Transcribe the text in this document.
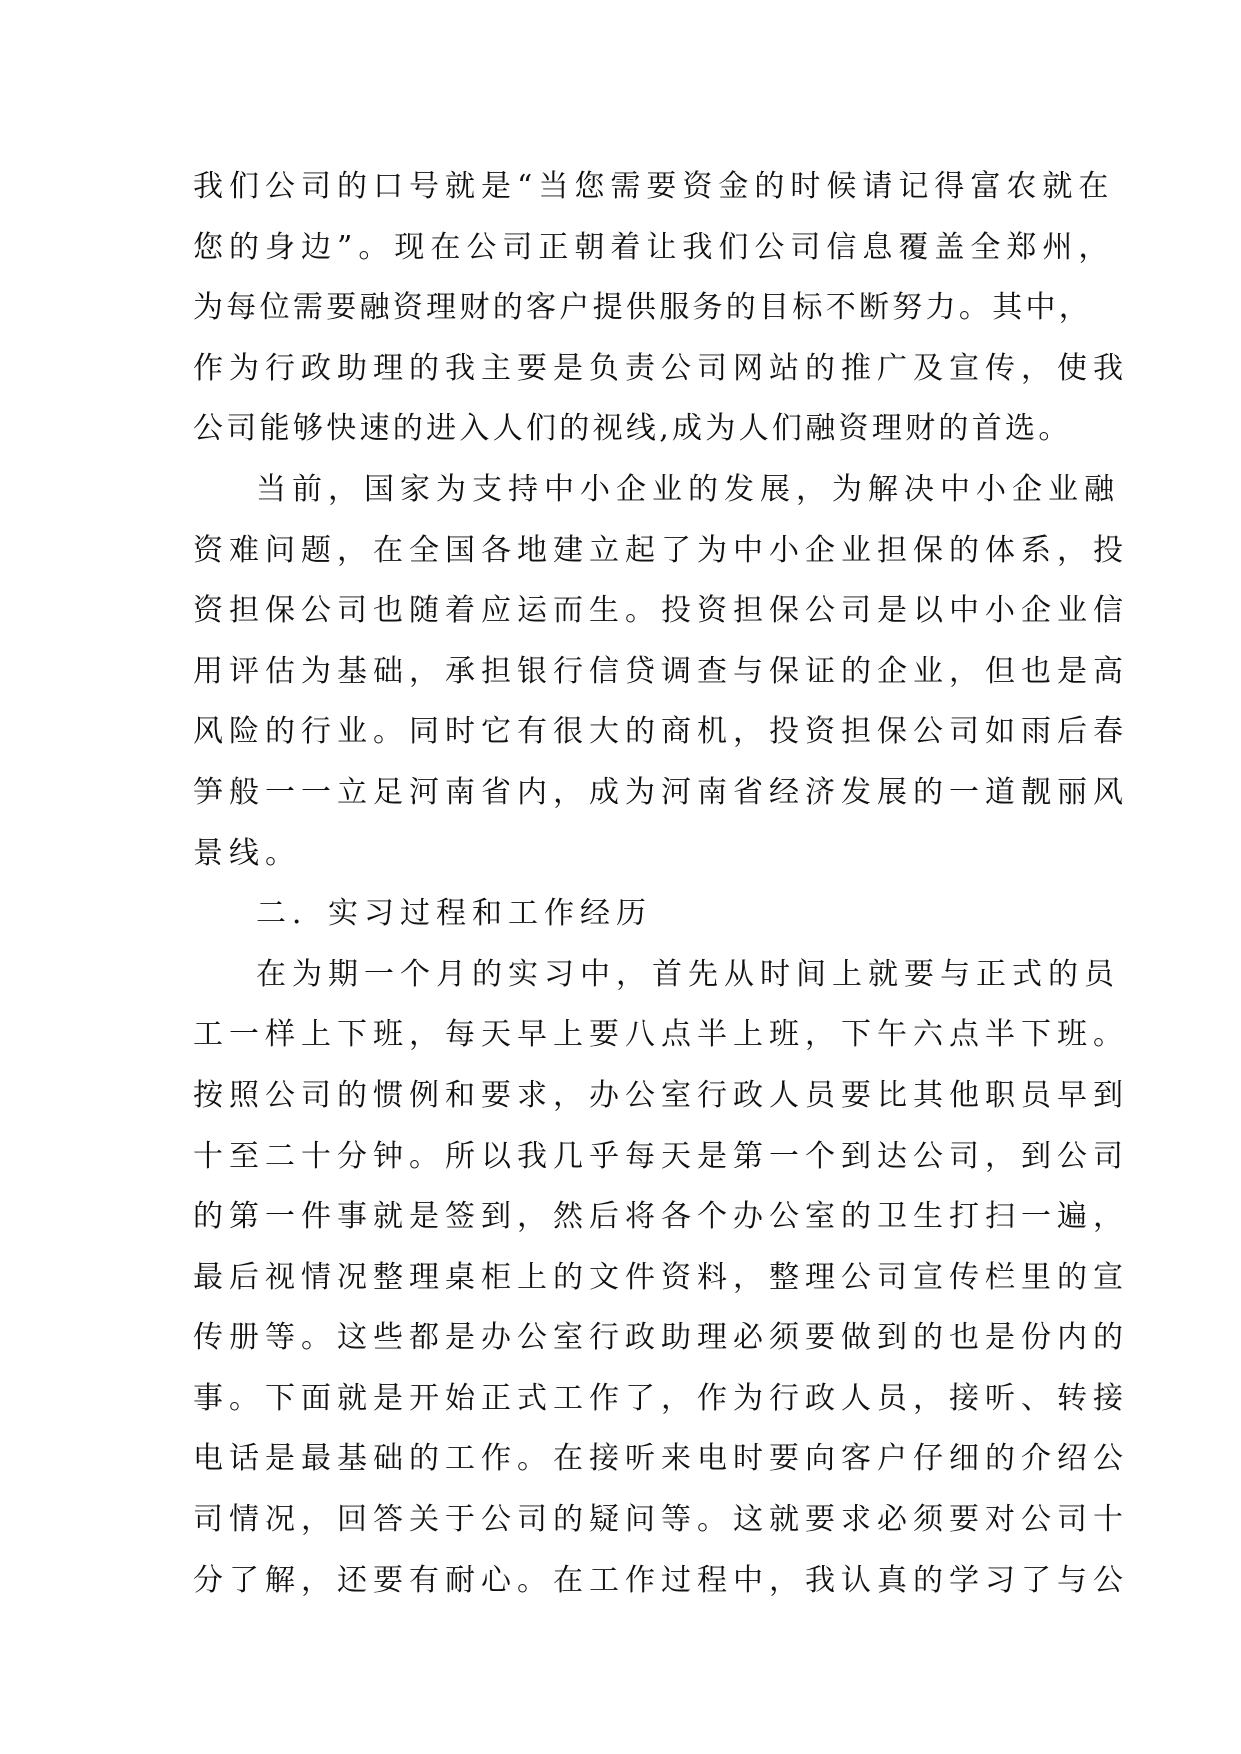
我们公司的口号就是“当您需要资金的时候请记得富农就在
您的身边”。现在公司正朝着让我们公司信息覆盖全郑州，
为每位需要融资理财的客户提供服务的目标不断努力。其中，
作为行政助理的我主要是负责公司网站的推广及宣传，使我
公司能够快速的进入人们的视线,成为人们融资理财的首选。
当前，国家为支持中小企业的发展，为解决中小企业融
资难问题，在全国各地建立起了为中小企业担保的体系，投
资担保公司也随着应运而生。投资担保公司是以中小企业信
用评估为基础，承担银行信贷调查与保证的企业，但也是高
风险的行业。同时它有很大的商机，投资担保公司如雨后春
笋般一一立足河南省内，成为河南省经济发展的一道靓丽风
景线。
二．实习过程和工作经历
在为期一个月的实习中，首先从时间上就要与正式的员
工一样上下班，每天早上要八点半上班，下午六点半下班。
按照公司的惯例和要求，办公室行政人员要比其他职员早到
十至二十分钟。所以我几乎每天是第一个到达公司，到公司
的第一件事就是签到，然后将各个办公室的卫生打扫一遍，
最后视情况整理桌柜上的文件资料，整理公司宣传栏里的宣
传册等。这些都是办公室行政助理必须要做到的也是份内的
事。下面就是开始正式工作了，作为行政人员，接听、转接
电话是最基础的工作。在接听来电时要向客户仔细的介绍公
司情况，回答关于公司的疑问等。这就要求必须要对公司十
分了解，还要有耐心。在工作过程中，我认真的学习了与公
